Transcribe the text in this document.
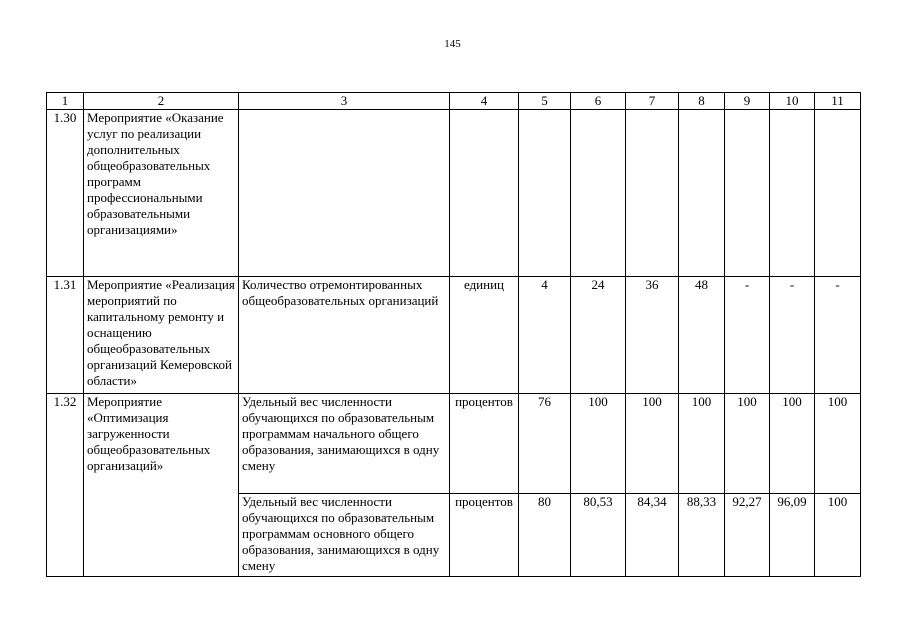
145
1	2	3	4	5	6	7	8	9	10	11
1.30	Мероприятие «Оказание услуг по реализации дополнительных общеобразовательных программ профессиональными образовательными организациями»									
1.31	Мероприятие «Реализация мероприятий по капитальному ремонту и оснащению общеобразовательных организаций Кемеровской области»	Количество отремонтированных общеобразовательных организаций	единиц	4	24	36	48	-	-	-
1.32	Мероприятие «Оптимизация загруженности общеобразовательных организаций»	Удельный вес численности обучающихся по образовательным программам начального общего образования, занимающихся в одну смену	процентов	76	100	100	100	100	100	100
		Удельный вес численности обучающихся по образовательным программам основного общего образования, занимающихся в одну смену	процентов	80	80,53	84,34	88,33	92,27	96,09	100
